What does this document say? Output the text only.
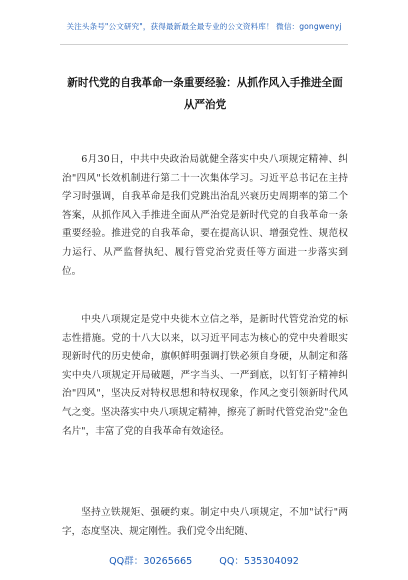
关注头条号"公文研究"，获得最新最全最专业的公文资料库！ 微信：gongwenyj
新时代党的自我革命一条重要经验：从抓作风入手推进全面从严治党

6月30日，中共中央政治局就健全落实中央八项规定精神、纠治"四风"长效机制进行第二十一次集体学习。习近平总书记在主持学习时强调，自我革命是我们党跳出治乱兴衰历史周期率的第二个答案，从抓作风入手推进全面从严治党是新时代党的自我革命一条重要经验。推进党的自我革命，要在提高认识、增强党性、规范权力运行、从严监督执纪、履行管党治党责任等方面进一步落实到位。

中央八项规定是党中央徙木立信之举，是新时代管党治党的标志性措施。党的十八大以来，以习近平同志为核心的党中央着眼实现新时代的历史使命，旗帜鲜明强调打铁必须自身硬，从制定和落实中央八项规定开局破题，严字当头、一严到底，以钉钉子精神纠治"四风"，坚决反对特权思想和特权现象，作风之变引领新时代风气之变。坚决落实中央八项规定精神，擦亮了新时代管党治党"金色名片"，丰富了党的自我革命有效途径。

坚持立铁规矩、强硬约束。制定中央八项规定，不加"试行"两字，态度坚决、规定刚性。我们党令出纪随、

QQ群：30265665	QQ：535304092
